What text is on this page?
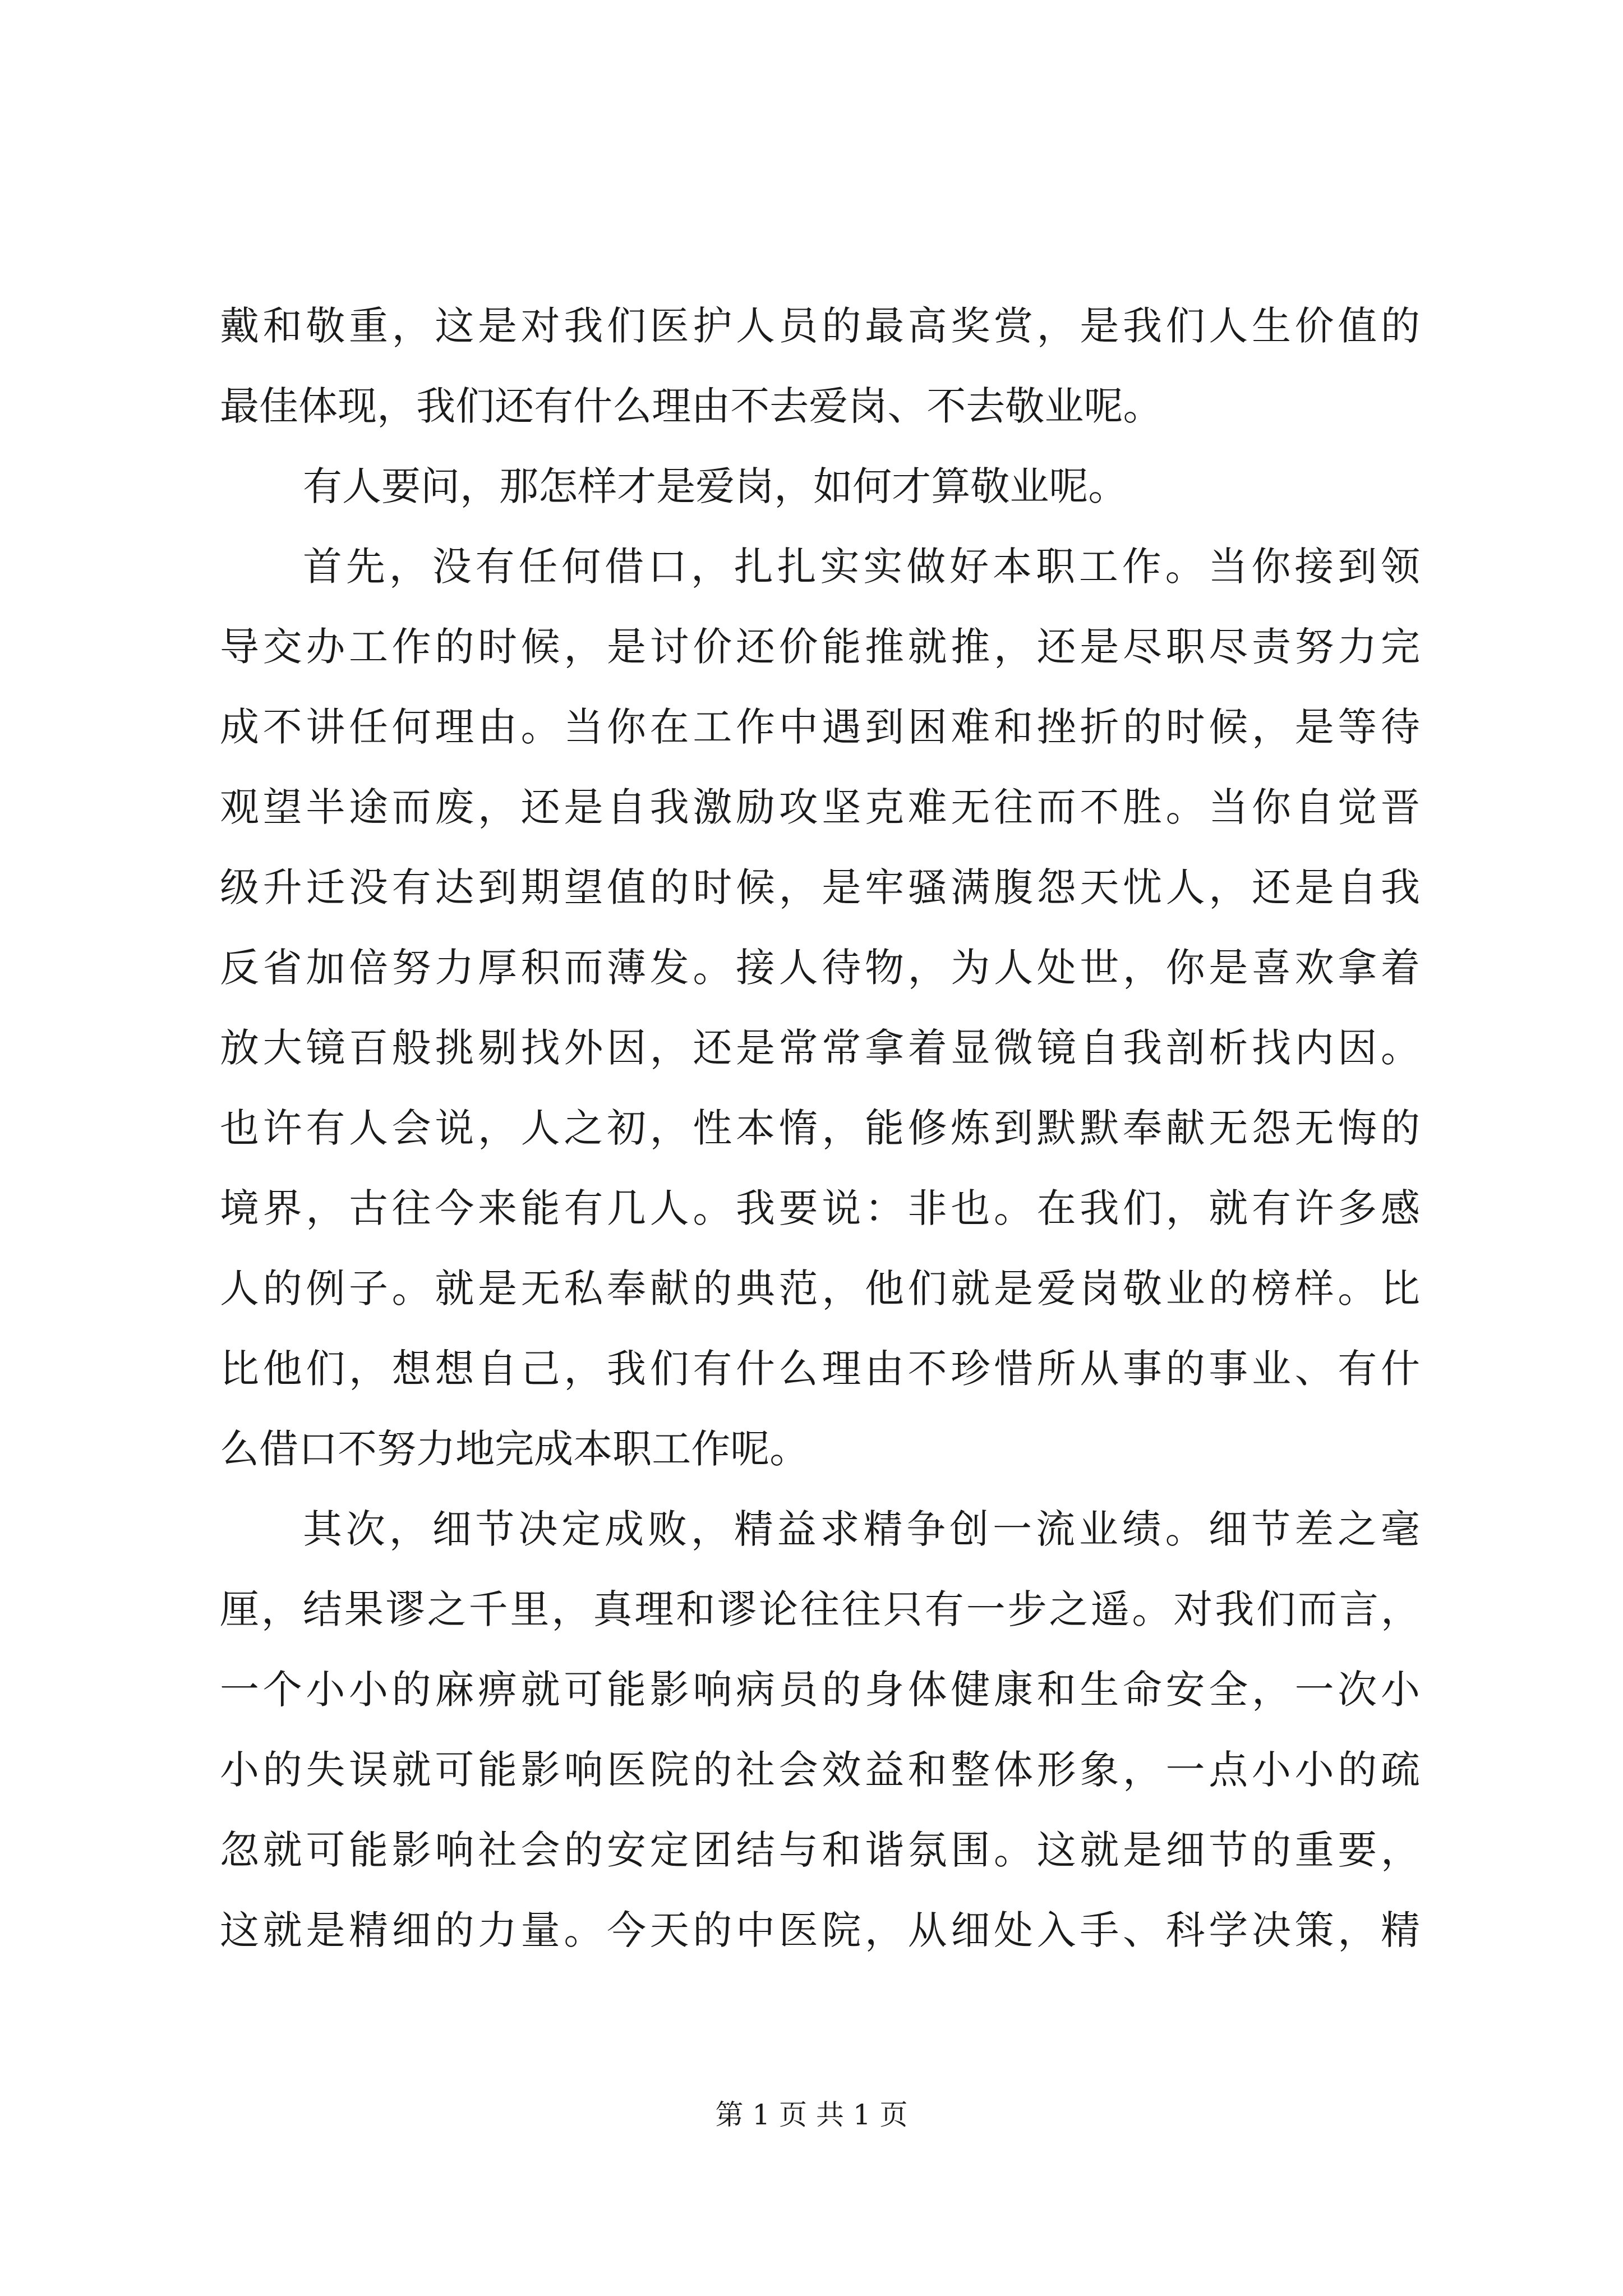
戴和敬重，这是对我们医护人员的最高奖赏，是我们人生价值的
最佳体现，我们还有什么理由不去爱岗、不去敬业呢。
有人要问，那怎样才是爱岗，如何才算敬业呢。
首先，没有任何借口，扎扎实实做好本职工作。当你接到领
导交办工作的时候，是讨价还价能推就推，还是尽职尽责努力完
成不讲任何理由。当你在工作中遇到困难和挫折的时候，是等待
观望半途而废，还是自我激励攻坚克难无往而不胜。当你自觉晋
级升迁没有达到期望值的时候，是牢骚满腹怨天忧人，还是自我
反省加倍努力厚积而薄发。接人待物，为人处世，你是喜欢拿着
放大镜百般挑剔找外因，还是常常拿着显微镜自我剖析找内因。
也许有人会说，人之初，性本惰，能修炼到默默奉献无怨无悔的
境界，古往今来能有几人。我要说：非也。在我们，就有许多感
人的例子。就是无私奉献的典范，他们就是爱岗敬业的榜样。比
比他们，想想自己，我们有什么理由不珍惜所从事的事业、有什
么借口不努力地完成本职工作呢。
其次，细节决定成败，精益求精争创一流业绩。细节差之毫
厘，结果谬之千里，真理和谬论往往只有一步之遥。对我们而言，
一个小小的麻痹就可能影响病员的身体健康和生命安全，一次小
小的失误就可能影响医院的社会效益和整体形象，一点小小的疏
忽就可能影响社会的安定团结与和谐氛围。这就是细节的重要，
这就是精细的力量。今天的中医院，从细处入手、科学决策，精
第 1 页 共 1 页
